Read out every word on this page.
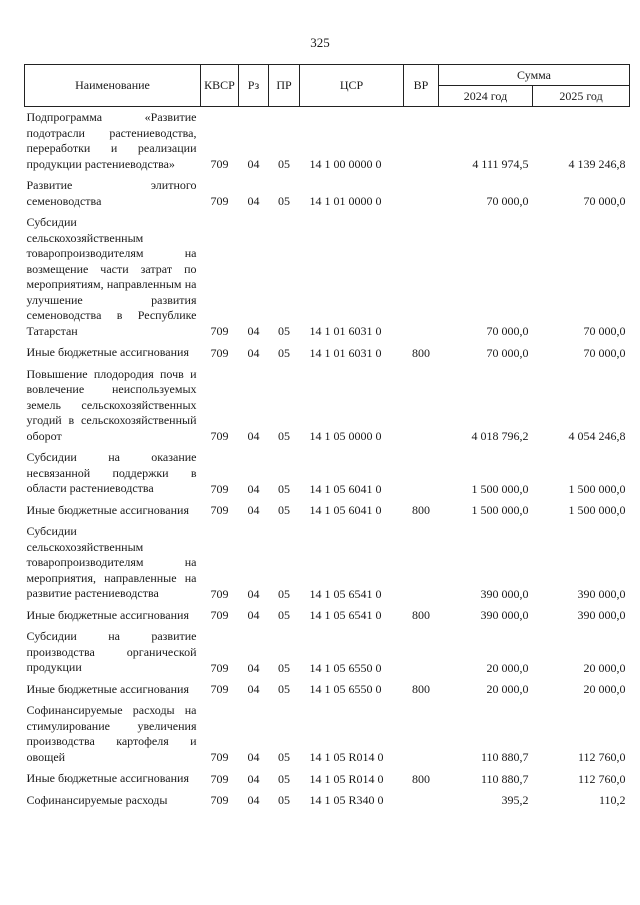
325
Наименование	КВСР	Рз	ПР	ЦСР	ВР	Сумма	
						2024 год	2025 год
Подпрограмма «Развитие подотрасли растениеводства, переработки и реализации продукции растениеводства»	709	04	05	14 1 00 0000 0		4 111 974,5	4 139 246,8
Развитие элитного семеноводства	709	04	05	14 1 01 0000 0		70 000,0	70 000,0
Субсидии сельскохозяйственным товаропроизводителям на возмещение части затрат по мероприятиям, направленным на улучшение развития семеноводства в Республике Татарстан	709	04	05	14 1 01 6031 0		70 000,0	70 000,0
Иные бюджетные ассигнования	709	04	05	14 1 01 6031 0	800	70 000,0	70 000,0
Повышение плодородия почв и вовлечение неиспользуемых земель сельскохозяйственных угодий в сельскохозяйственный оборот	709	04	05	14 1 05 0000 0		4 018 796,2	4 054 246,8
Субсидии на оказание несвязанной поддержки в области растениеводства	709	04	05	14 1 05 6041 0		1 500 000,0	1 500 000,0
Иные бюджетные ассигнования	709	04	05	14 1 05 6041 0	800	1 500 000,0	1 500 000,0
Субсидии сельскохозяйственным товаропроизводителям на мероприятия, направленные на развитие растениеводства	709	04	05	14 1 05 6541 0		390 000,0	390 000,0
Иные бюджетные ассигнования	709	04	05	14 1 05 6541 0	800	390 000,0	390 000,0
Субсидии на развитие производства органической продукции	709	04	05	14 1 05 6550 0		20 000,0	20 000,0
Иные бюджетные ассигнования	709	04	05	14 1 05 6550 0	800	20 000,0	20 000,0
Софинансируемые расходы на стимулирование увеличения производства картофеля и овощей	709	04	05	14 1 05 R014 0		110 880,7	112 760,0
Иные бюджетные ассигнования	709	04	05	14 1 05 R014 0	800	110 880,7	112 760,0
Софинансируемые расходы	709	04	05	14 1 05 R340 0		395,2	110,2
